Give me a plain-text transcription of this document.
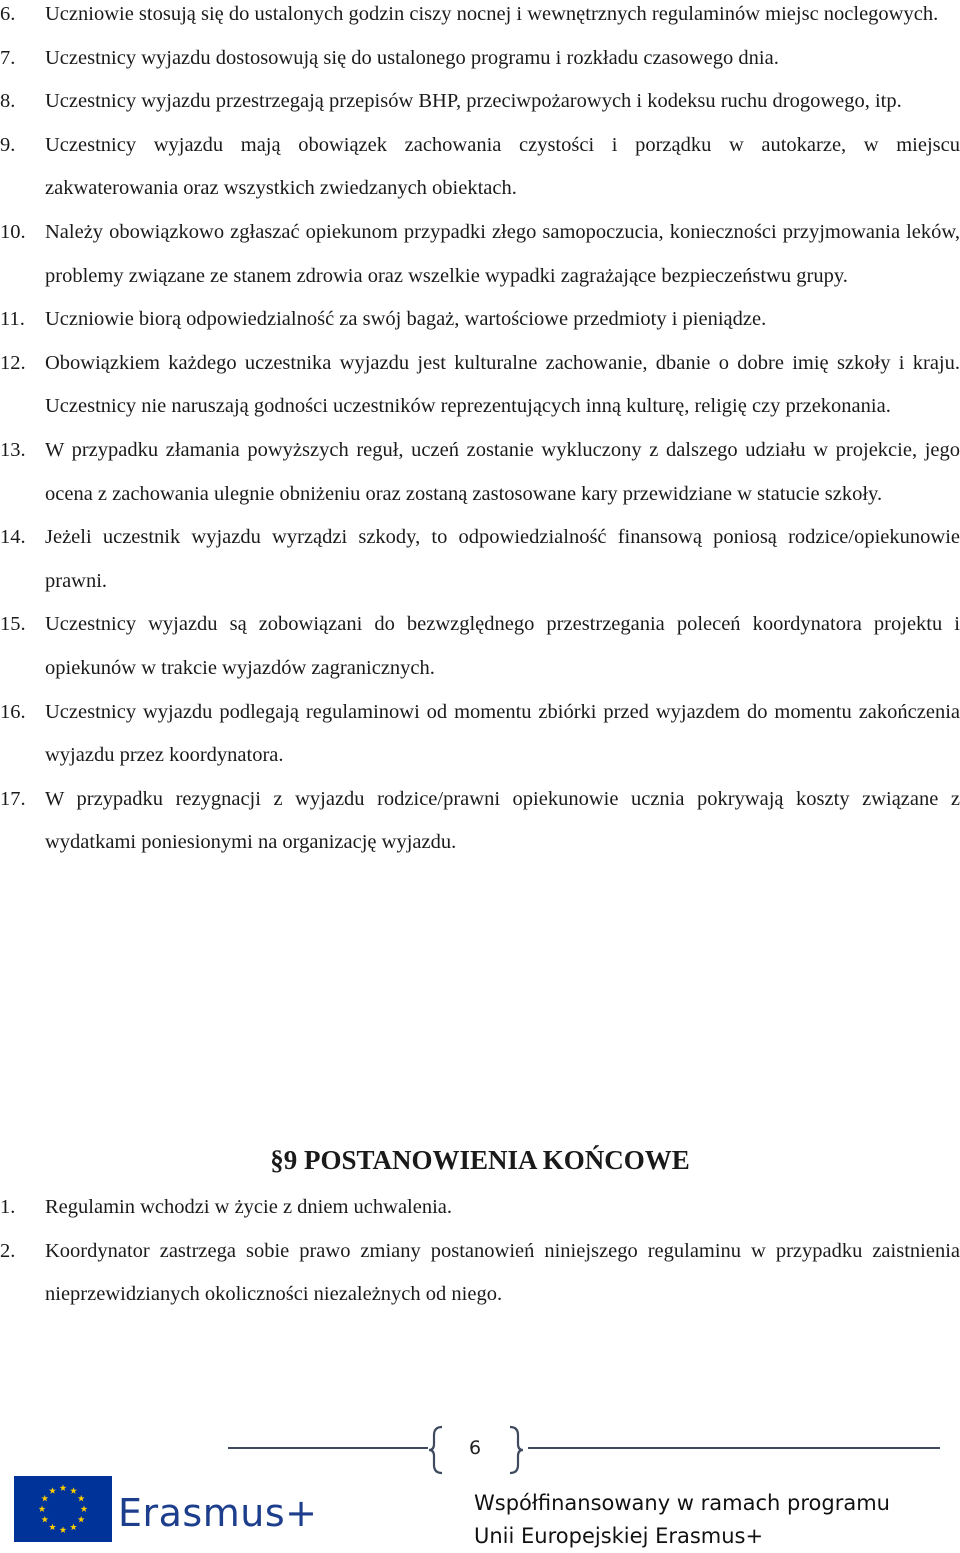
6. Uczniowie stosują się do ustalonych godzin ciszy nocnej i wewnętrznych regulaminów miejsc noclegowych.
7. Uczestnicy wyjazdu dostosowują się do ustalonego programu i rozkładu czasowego dnia.
8. Uczestnicy wyjazdu przestrzegają przepisów BHP, przeciwpożarowych i kodeksu ruchu drogowego, itp.
9. Uczestnicy wyjazdu mają obowiązek zachowania czystości i porządku w autokarze, w miejscu zakwaterowania oraz wszystkich zwiedzanych obiektach.
10. Należy obowiązkowo zgłaszać opiekunom przypadki złego samopoczucia, konieczności przyjmowania leków, problemy związane ze stanem zdrowia oraz wszelkie wypadki zagrażające bezpieczeństwu grupy.
11. Uczniowie biorą odpowiedzialność za swój bagaż, wartościowe przedmioty i pieniądze.
12. Obowiązkiem każdego uczestnika wyjazdu jest kulturalne zachowanie, dbanie o dobre imię szkoły i kraju. Uczestnicy nie naruszają godności uczestników reprezentujących inną kulturę, religię czy przekonania.
13. W przypadku złamania powyższych reguł, uczeń zostanie wykluczony z dalszego udziału w projekcie, jego ocena z zachowania ulegnie obniżeniu oraz zostaną zastosowane kary przewidziane w statucie szkoły.
14. Jeżeli uczestnik wyjazdu wyrządzi szkody, to odpowiedzialność finansową poniosą rodzice/opiekunowie prawni.
15. Uczestnicy wyjazdu są zobowiązani do bezwzględnego przestrzegania poleceń koordynatora projektu i opiekunów w trakcie wyjazdów zagranicznych.
16. Uczestnicy wyjazdu podlegają regulaminowi od momentu zbiórki przed wyjazdem do momentu zakończenia wyjazdu przez koordynatora.
17. W przypadku rezygnacji z wyjazdu rodzice/prawni opiekunowie ucznia pokrywają koszty związane z wydatkami poniesionymi na organizację wyjazdu.
§9 POSTANOWIENIA KOŃCOWE
1. Regulamin wchodzi w życie z dniem uchwalenia.
2. Koordynator zastrzega sobie prawo zmiany postanowień niniejszego regulaminu w przypadku zaistnienia nieprzewidzianych okoliczności niezależnych od niego.
6
Erasmus+	Współfinansowany w ramach programu
Unii Europejskiej Erasmus+
